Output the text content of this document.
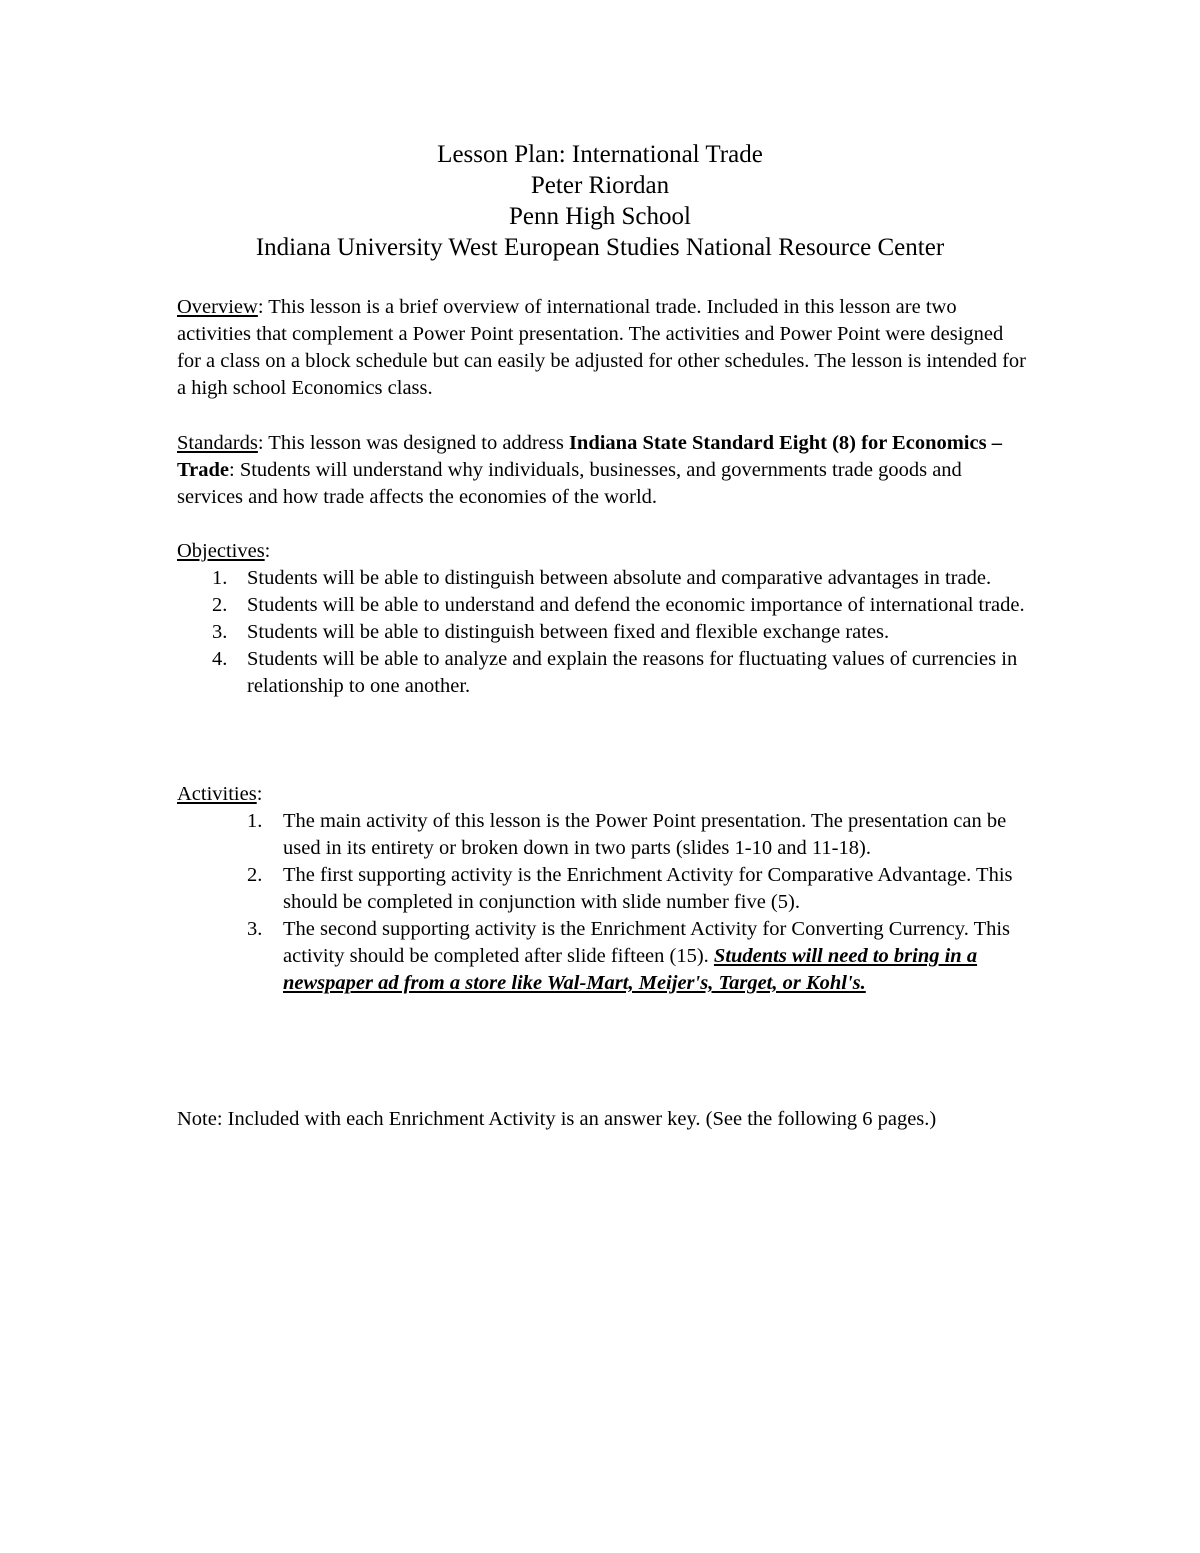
Lesson Plan: International Trade
Peter Riordan
Penn High School
Indiana University West European Studies National Resource Center

Overview: This lesson is a brief overview of international trade. Included in this lesson are two activities that complement a Power Point presentation. The activities and Power Point were designed for a class on a block schedule but can easily be adjusted for other schedules. The lesson is intended for a high school Economics class.

Standards: This lesson was designed to address Indiana State Standard Eight (8) for Economics – Trade: Students will understand why individuals, businesses, and governments trade goods and services and how trade affects the economies of the world.

Objectives:

1. Students will be able to distinguish between absolute and comparative advantages in trade.
2. Students will be able to understand and defend the economic importance of international trade.
3. Students will be able to distinguish between fixed and flexible exchange rates.
4. Students will be able to analyze and explain the reasons for fluctuating values of currencies in relationship to one another.

Activities:

1.	The main activity of this lesson is the Power Point presentation. The presentation can be used in its entirety or broken down in two parts (slides 1-10 and 11-18).
2.	The first supporting activity is the Enrichment Activity for Comparative Advantage. This should be completed in conjunction with slide number five (5).
3.	The second supporting activity is the Enrichment Activity for Converting Currency. This activity should be completed after slide fifteen (15). Students will need to bring in a newspaper ad from a store like Wal-Mart, Meijer's, Target, or Kohl's.

Note: Included with each Enrichment Activity is an answer key. (See the following 6 pages.)
